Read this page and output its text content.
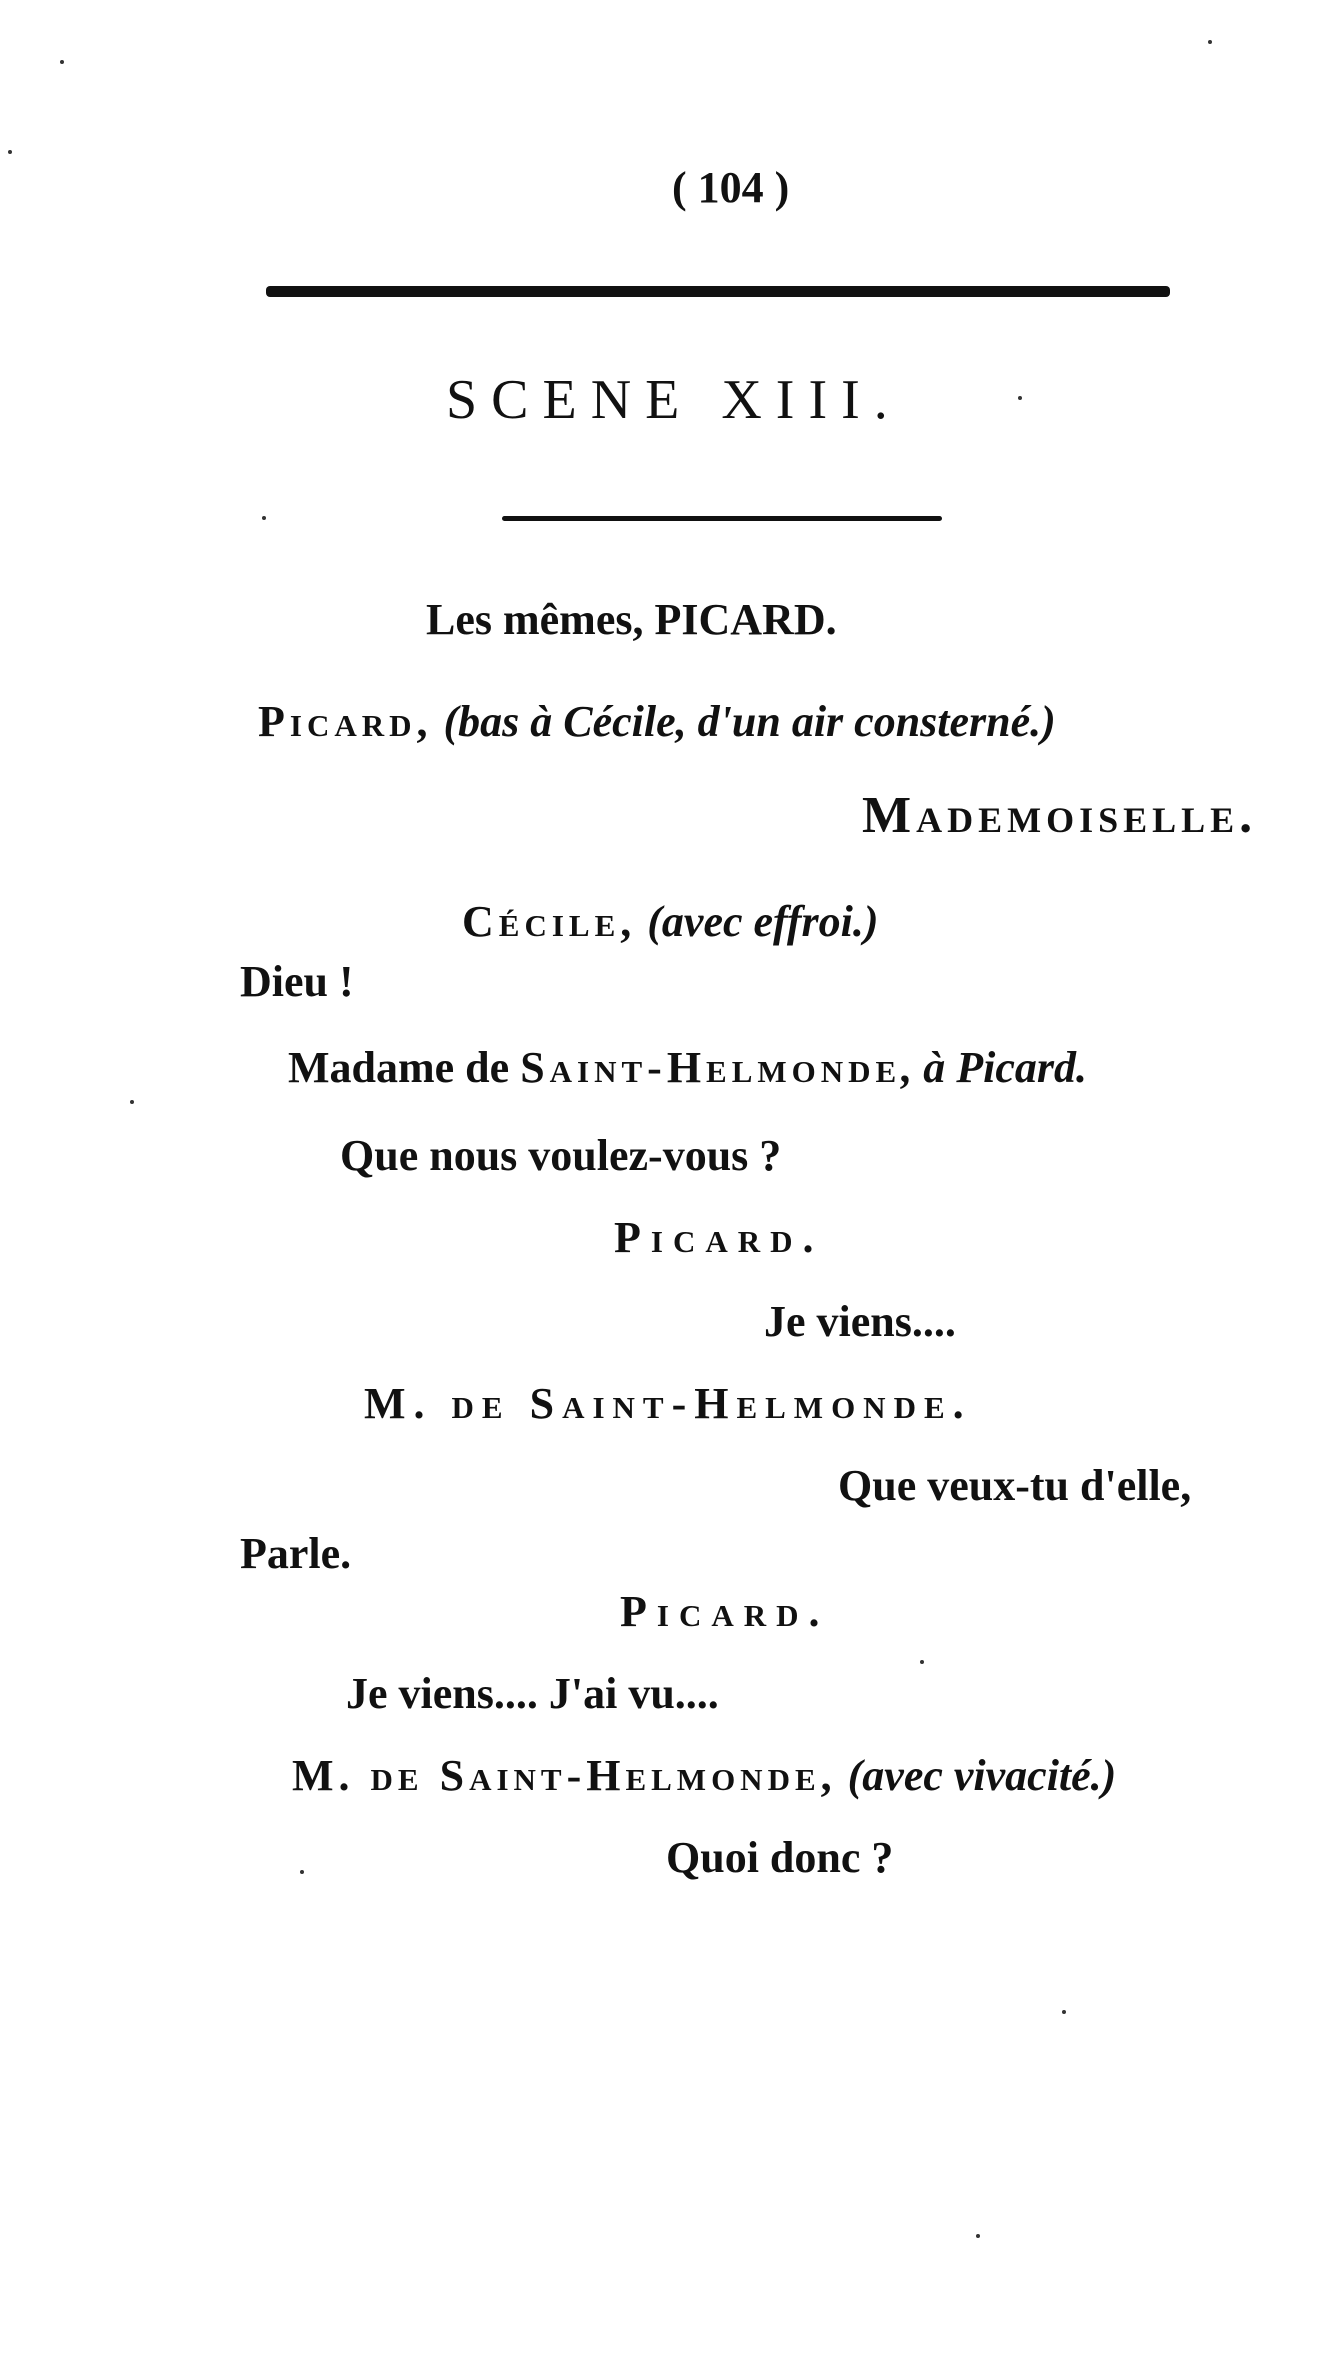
( 104 )
SCENE XIII.
Les mêmes, PICARD.
Picard, (bas à Cécile, d'un air consterné.)
Mademoiselle.
Cécile, (avec effroi.)
Dieu !
Madame de Saint-Helmonde, à Picard.
Que nous voulez-vous ?
Picard.
Je viens....
M. de Saint-Helmonde.
Que veux-tu d'elle,
Parle.
Picard.
Je viens.... J'ai vu....
M. de Saint-Helmonde, (avec vivacité.)
Quoi donc ?
